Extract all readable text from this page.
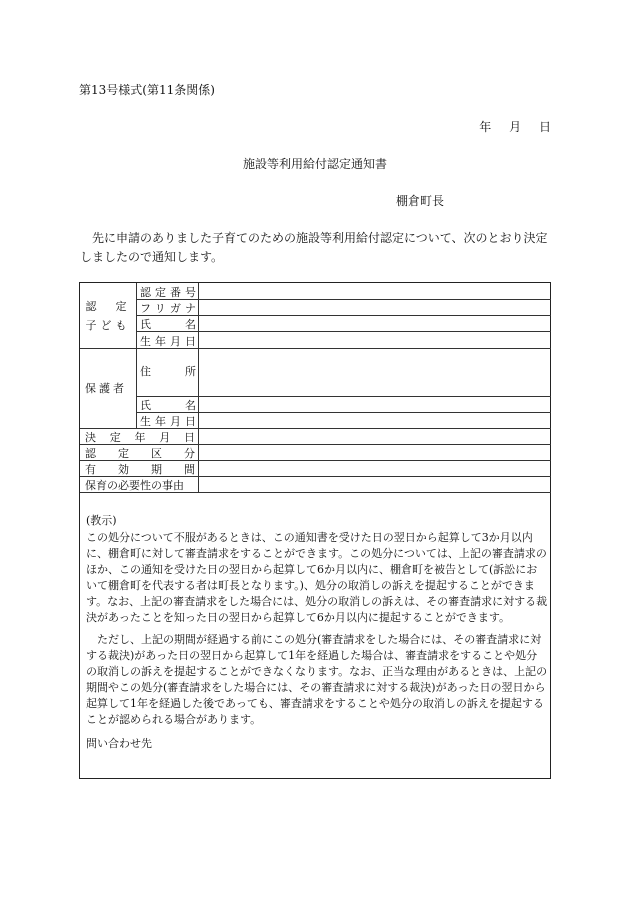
第13号様式(第11条関係)
年 月 日
施設等利用給付認定通知書
棚倉町長
先に申請のありました子育てのための施設等利用給付認定について、次のとおり決定しましたので通知します。
認　定
子ども
保護者
認定番号
フリガナ
氏　名
生年月日
住　所
氏　名
生年月日
決定年月日
認定区分
有効期間
保育の必要性の事由

(教示)

この処分について不服があるときは、この通知書を受けた日の翌日から起算して3か月以内に、棚倉町に対して審査請求をすることができます。この処分については、上記の審査請求のほか、この通知を受けた日の翌日から起算して6か月以内に、棚倉町を被告として(訴訟において棚倉町を代表する者は町長となります。)、処分の取消しの訴えを提起することができます。なお、上記の審査請求をした場合には、処分の取消しの訴えは、その審査請求に対する裁決があったことを知った日の翌日から起算して6か月以内に提起することができます。

ただし、上記の期間が経過する前にこの処分(審査請求をした場合には、その審査請求に対する裁決)があった日の翌日から起算して1年を経過した場合は、審査請求をすることや処分の取消しの訴えを提起することができなくなります。なお、正当な理由があるときは、上記の期間やこの処分(審査請求をした場合には、その審査請求に対する裁決)があった日の翌日から起算して1年を経過した後であっても、審査請求をすることや処分の取消しの訴えを提起することが認められる場合があります。

問い合わせ先
